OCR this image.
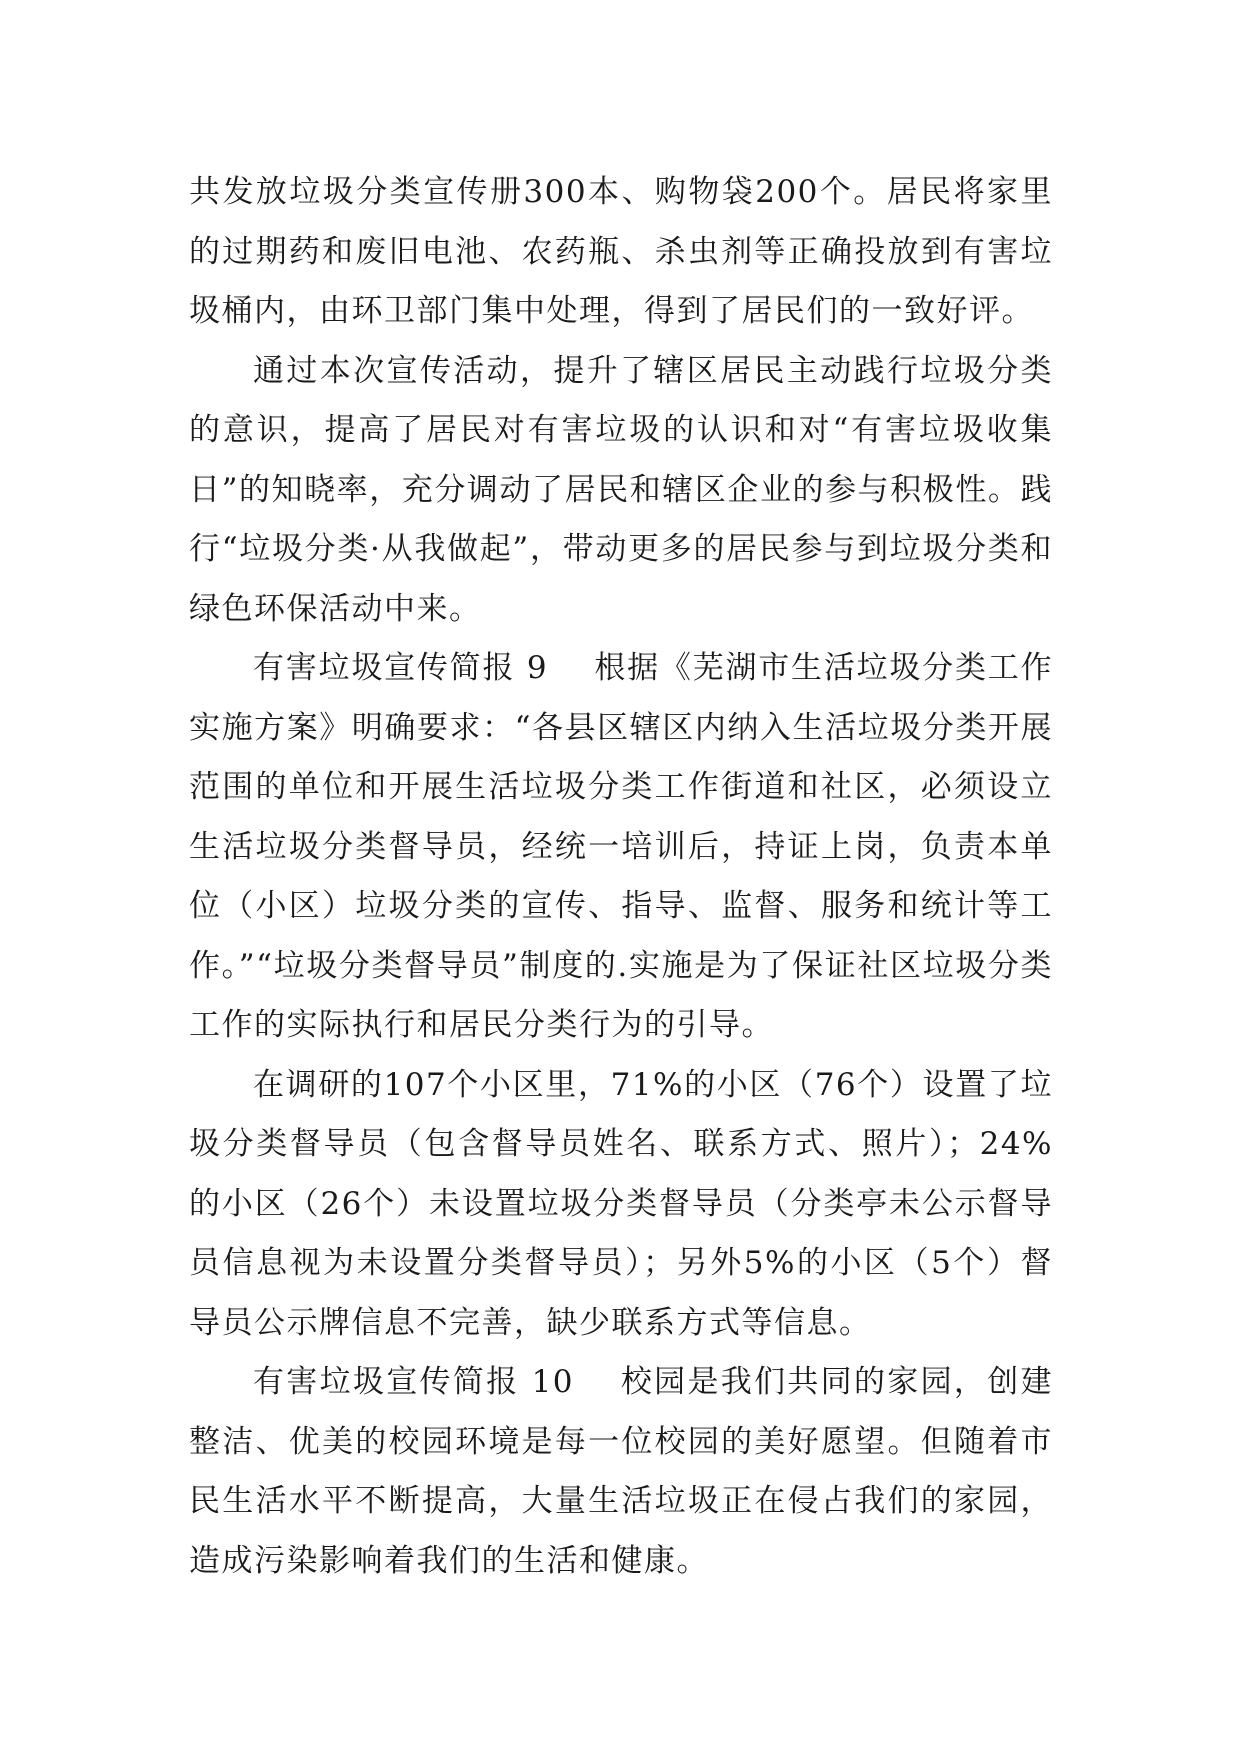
共发放垃圾分类宣传册300本、购物袋200个。居民将家里的过期药和废旧电池、农药瓶、杀虫剂等正确投放到有害垃圾桶内，由环卫部门集中处理，得到了居民们的一致好评。

通过本次宣传活动，提升了辖区居民主动践行垃圾分类的意识，提高了居民对有害垃圾的认识和对“有害垃圾收集日”的知晓率，充分调动了居民和辖区企业的参与积极性。践行“垃圾分类·从我做起”，带动更多的居民参与到垃圾分类和绿色环保活动中来。

有害垃圾宣传简报 9 根据《芜湖市生活垃圾分类工作实施方案》明确要求：“各县区辖区内纳入生活垃圾分类开展范围的单位和开展生活垃圾分类工作街道和社区，必须设立生活垃圾分类督导员，经统一培训后，持证上岗，负责本单位（小区）垃圾分类的宣传、指导、监督、服务和统计等工作。”“垃圾分类督导员”制度的.实施是为了保证社区垃圾分类工作的实际执行和居民分类行为的引导。

在调研的107个小区里，71%的小区（76个）设置了垃圾分类督导员（包含督导员姓名、联系方式、照片）；24%的小区（26个）未设置垃圾分类督导员（分类亭未公示督导员信息视为未设置分类督导员）；另外5%的小区（5个）督导员公示牌信息不完善，缺少联系方式等信息。

有害垃圾宣传简报 10 校园是我们共同的家园，创建整洁、优美的校园环境是每一位校园的美好愿望。但随着市民生活水平不断提高，大量生活垃圾正在侵占我们的家园，造成污染影响着我们的生活和健康。
